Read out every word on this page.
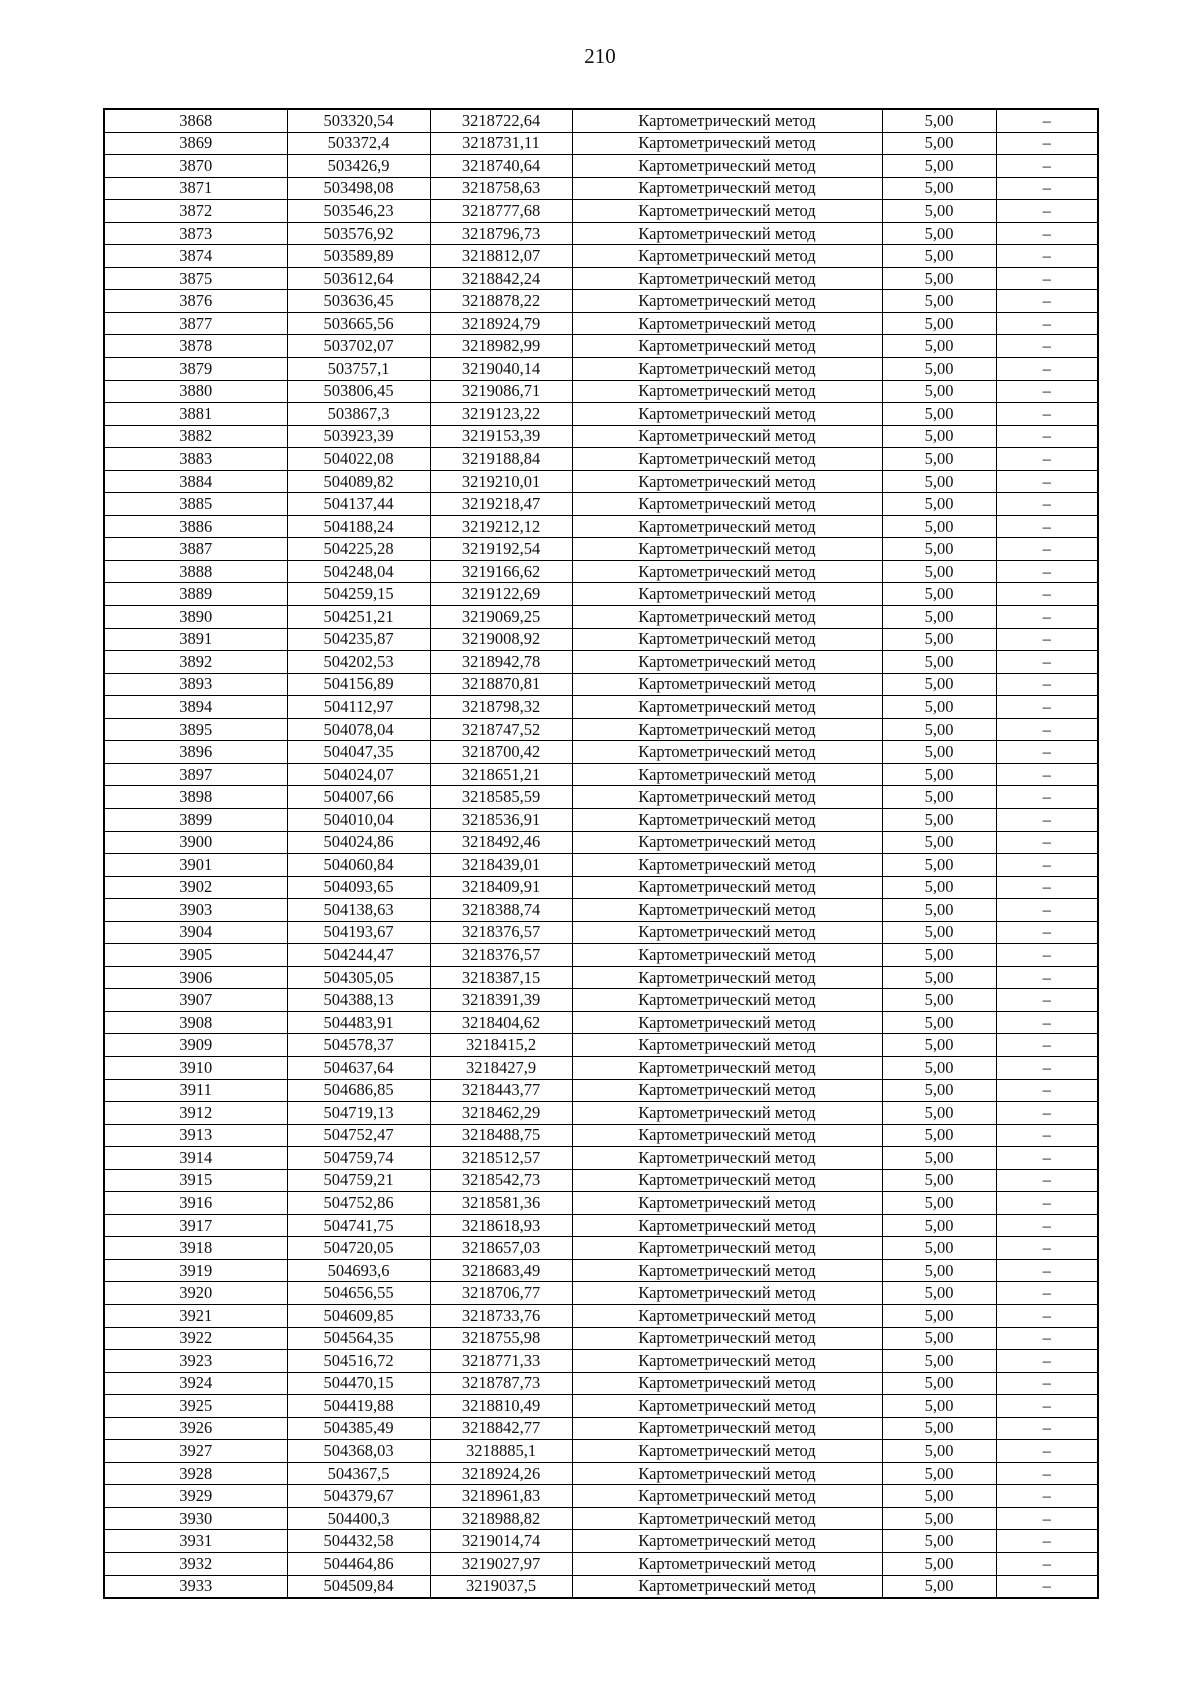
210
3868	503320,54	3218722,64	Картометрический метод	5,00	–
3869	503372,4	3218731,11	Картометрический метод	5,00	–
3870	503426,9	3218740,64	Картометрический метод	5,00	–
3871	503498,08	3218758,63	Картометрический метод	5,00	–
3872	503546,23	3218777,68	Картометрический метод	5,00	–
3873	503576,92	3218796,73	Картометрический метод	5,00	–
3874	503589,89	3218812,07	Картометрический метод	5,00	–
3875	503612,64	3218842,24	Картометрический метод	5,00	–
3876	503636,45	3218878,22	Картометрический метод	5,00	–
3877	503665,56	3218924,79	Картометрический метод	5,00	–
3878	503702,07	3218982,99	Картометрический метод	5,00	–
3879	503757,1	3219040,14	Картометрический метод	5,00	–
3880	503806,45	3219086,71	Картометрический метод	5,00	–
3881	503867,3	3219123,22	Картометрический метод	5,00	–
3882	503923,39	3219153,39	Картометрический метод	5,00	–
3883	504022,08	3219188,84	Картометрический метод	5,00	–
3884	504089,82	3219210,01	Картометрический метод	5,00	–
3885	504137,44	3219218,47	Картометрический метод	5,00	–
3886	504188,24	3219212,12	Картометрический метод	5,00	–
3887	504225,28	3219192,54	Картометрический метод	5,00	–
3888	504248,04	3219166,62	Картометрический метод	5,00	–
3889	504259,15	3219122,69	Картометрический метод	5,00	–
3890	504251,21	3219069,25	Картометрический метод	5,00	–
3891	504235,87	3219008,92	Картометрический метод	5,00	–
3892	504202,53	3218942,78	Картометрический метод	5,00	–
3893	504156,89	3218870,81	Картометрический метод	5,00	–
3894	504112,97	3218798,32	Картометрический метод	5,00	–
3895	504078,04	3218747,52	Картометрический метод	5,00	–
3896	504047,35	3218700,42	Картометрический метод	5,00	–
3897	504024,07	3218651,21	Картометрический метод	5,00	–
3898	504007,66	3218585,59	Картометрический метод	5,00	–
3899	504010,04	3218536,91	Картометрический метод	5,00	–
3900	504024,86	3218492,46	Картометрический метод	5,00	–
3901	504060,84	3218439,01	Картометрический метод	5,00	–
3902	504093,65	3218409,91	Картометрический метод	5,00	–
3903	504138,63	3218388,74	Картометрический метод	5,00	–
3904	504193,67	3218376,57	Картометрический метод	5,00	–
3905	504244,47	3218376,57	Картометрический метод	5,00	–
3906	504305,05	3218387,15	Картометрический метод	5,00	–
3907	504388,13	3218391,39	Картометрический метод	5,00	–
3908	504483,91	3218404,62	Картометрический метод	5,00	–
3909	504578,37	3218415,2	Картометрический метод	5,00	–
3910	504637,64	3218427,9	Картометрический метод	5,00	–
3911	504686,85	3218443,77	Картометрический метод	5,00	–
3912	504719,13	3218462,29	Картометрический метод	5,00	–
3913	504752,47	3218488,75	Картометрический метод	5,00	–
3914	504759,74	3218512,57	Картометрический метод	5,00	–
3915	504759,21	3218542,73	Картометрический метод	5,00	–
3916	504752,86	3218581,36	Картометрический метод	5,00	–
3917	504741,75	3218618,93	Картометрический метод	5,00	–
3918	504720,05	3218657,03	Картометрический метод	5,00	–
3919	504693,6	3218683,49	Картометрический метод	5,00	–
3920	504656,55	3218706,77	Картометрический метод	5,00	–
3921	504609,85	3218733,76	Картометрический метод	5,00	–
3922	504564,35	3218755,98	Картометрический метод	5,00	–
3923	504516,72	3218771,33	Картометрический метод	5,00	–
3924	504470,15	3218787,73	Картометрический метод	5,00	–
3925	504419,88	3218810,49	Картометрический метод	5,00	–
3926	504385,49	3218842,77	Картометрический метод	5,00	–
3927	504368,03	3218885,1	Картометрический метод	5,00	–
3928	504367,5	3218924,26	Картометрический метод	5,00	–
3929	504379,67	3218961,83	Картометрический метод	5,00	–
3930	504400,3	3218988,82	Картометрический метод	5,00	–
3931	504432,58	3219014,74	Картометрический метод	5,00	–
3932	504464,86	3219027,97	Картометрический метод	5,00	–
3933	504509,84	3219037,5	Картометрический метод	5,00	–
